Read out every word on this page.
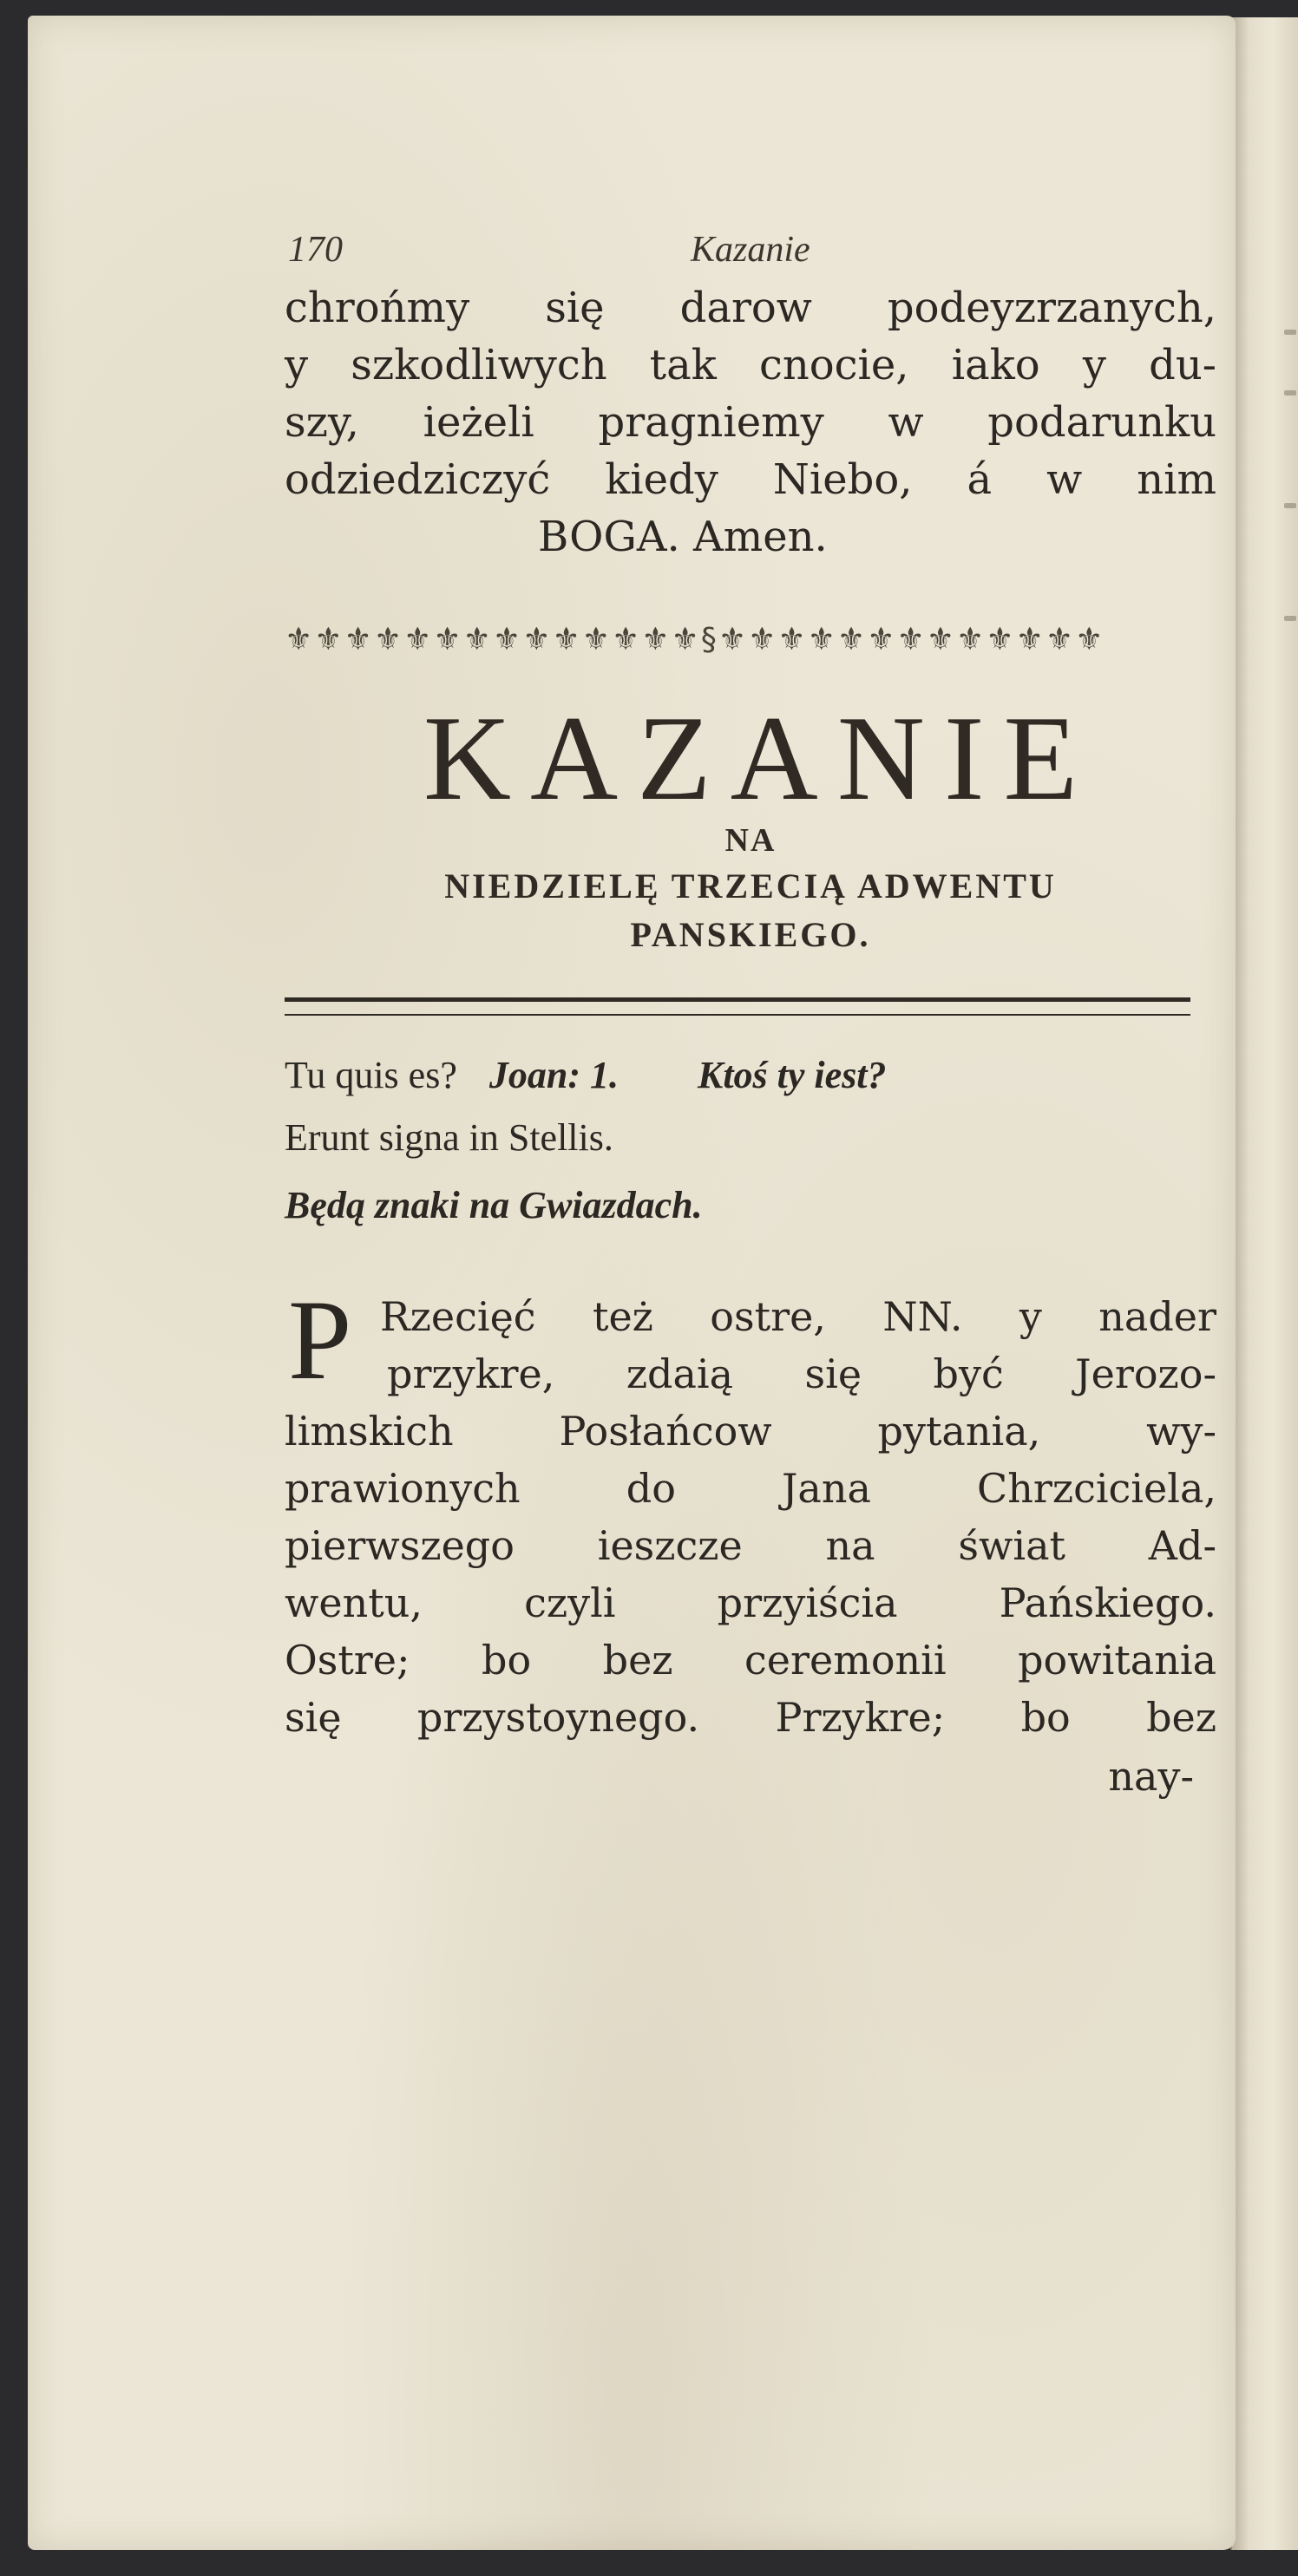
170	Kazanie
chrońmy się darow podeyzrzanych,
y szkodliwych tak cnocie, iako y du-
szy, ieżeli pragniemy w podarunku
odziedziczyć kiedy Niebo, á w nim
BOGA. Amen.
⚜⚜⚜⚜⚜⚜⚜⚜⚜⚜⚜⚜⚜⚜§⚜⚜⚜⚜⚜⚜⚜⚜⚜⚜⚜⚜⚜
KAZANIE
NA
NIEDZIELĘ TRZECIĄ ADWENTU
PANSKIEGO.
Tu quis es? Joan: 1. Ktoś ty iest?
Erunt signa in Stellis.
Będą znaki na Gwiazdach.
P Rzecięć też ostre, NN. y nader
przykre, zdaią się być Jerozo-
limskich Posłańcow pytania, wy-
prawionych do Jana Chrzciciela,
pierwszego ieszcze na świat Ad-
wentu, czyli przyiścia Pańskiego.
Ostre; bo bez ceremonii powitania
się przystoynego. Przykre; bo bez
nay-
